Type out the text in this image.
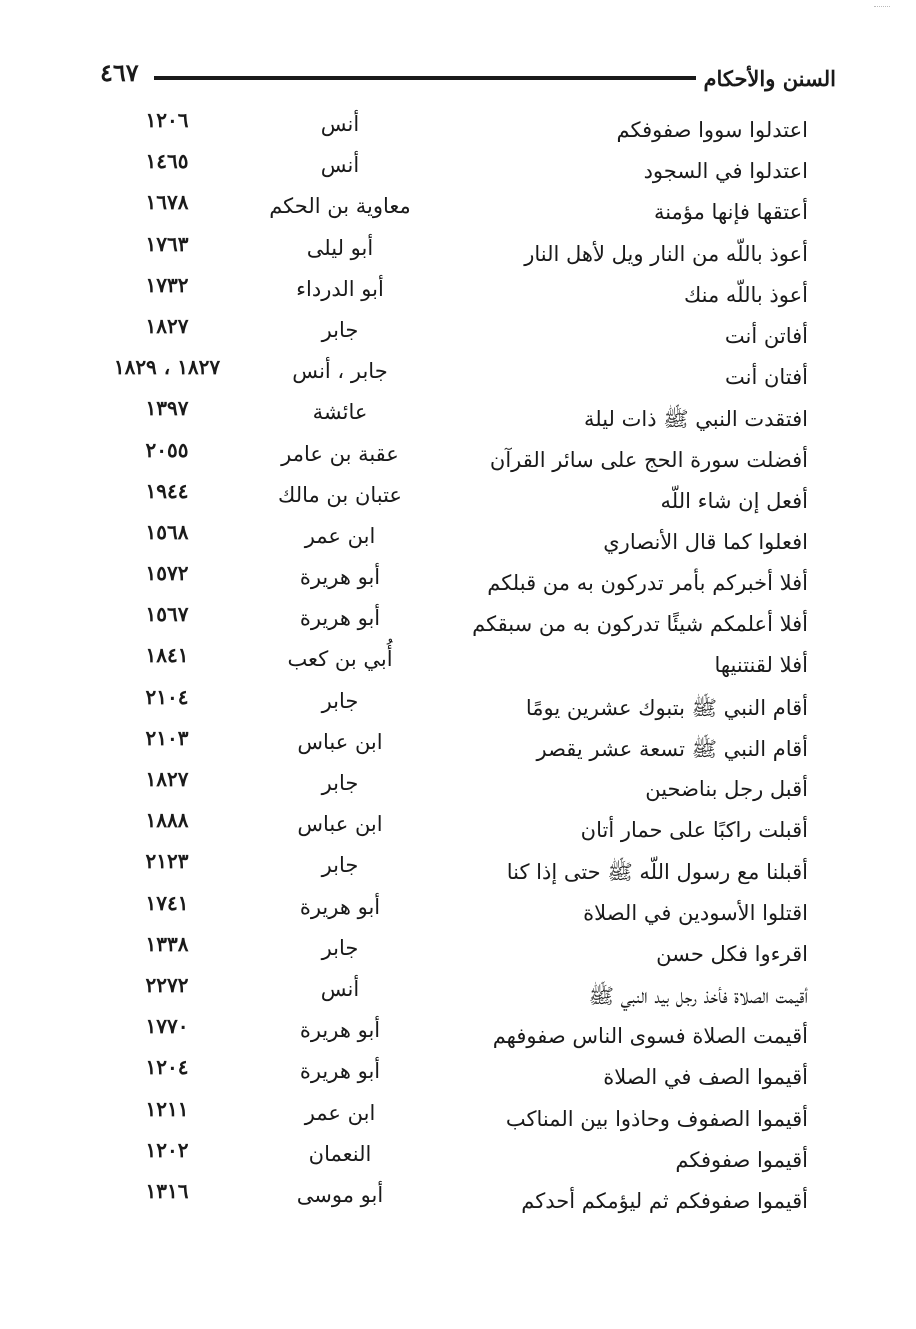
٤٦٧	السنن والأحكام
اعتدلوا سووا صفوفكم
أنس
١٢٠٦
اعتدلوا في السجود
أنس
١٤٦٥
أعتقها فإنها مؤمنة
معاوية بن الحكم
١٦٧٨
أعوذ باللّه من النار ويل لأهل النار
أبو ليلى
١٧٦٣
أعوذ باللّه منك
أبو الدرداء
١٧٣٢
أفاتن أنت
جابر
١٨٢٧
أفتان أنت
جابر ، أنس
١٨٢٧ ، ١٨٢٩
افتقدت النبي ﷺ ذات ليلة
عائشة
١٣٩٧
أفضلت سورة الحج على سائر القرآن
عقبة بن عامر
٢٠٥٥
أفعل إن شاء اللّه
عتبان بن مالك
١٩٤٤
افعلوا كما قال الأنصاري
ابن عمر
١٥٦٨
أفلا أخبركم بأمر تدركون به من قبلكم
أبو هريرة
١٥٧٢
أفلا أعلمكم شيئًا تدركون به من سبقكم
أبو هريرة
١٥٦٧
أفلا لقنتنيها
أُبي بن كعب
١٨٤١
أقام النبي ﷺ بتبوك عشرين يومًا
جابر
٢١٠٤
أقام النبي ﷺ تسعة عشر يقصر
ابن عباس
٢١٠٣
أقبل رجل بناضحين
جابر
١٨٢٧
أقبلت راكبًا على حمار أتان
ابن عباس
١٨٨٨
أقبلنا مع رسول اللّه ﷺ حتى إذا كنا
جابر
٢١٢٣
اقتلوا الأسودين في الصلاة
أبو هريرة
١٧٤١
اقرءوا فكل حسن
جابر
١٣٣٨
أقيمت الصلاة فأخذ رجل بيد النبي ﷺ
أنس
٢٢٧٢
أقيمت الصلاة فسوى الناس صفوفهم
أبو هريرة
١٧٧٠
أقيموا الصف في الصلاة
أبو هريرة
١٢٠٤
أقيموا الصفوف وحاذوا بين المناكب
ابن عمر
١٢١١
أقيموا صفوفكم
النعمان
١٢٠٢
أقيموا صفوفكم ثم ليؤمكم أحدكم
أبو موسى
١٣١٦
